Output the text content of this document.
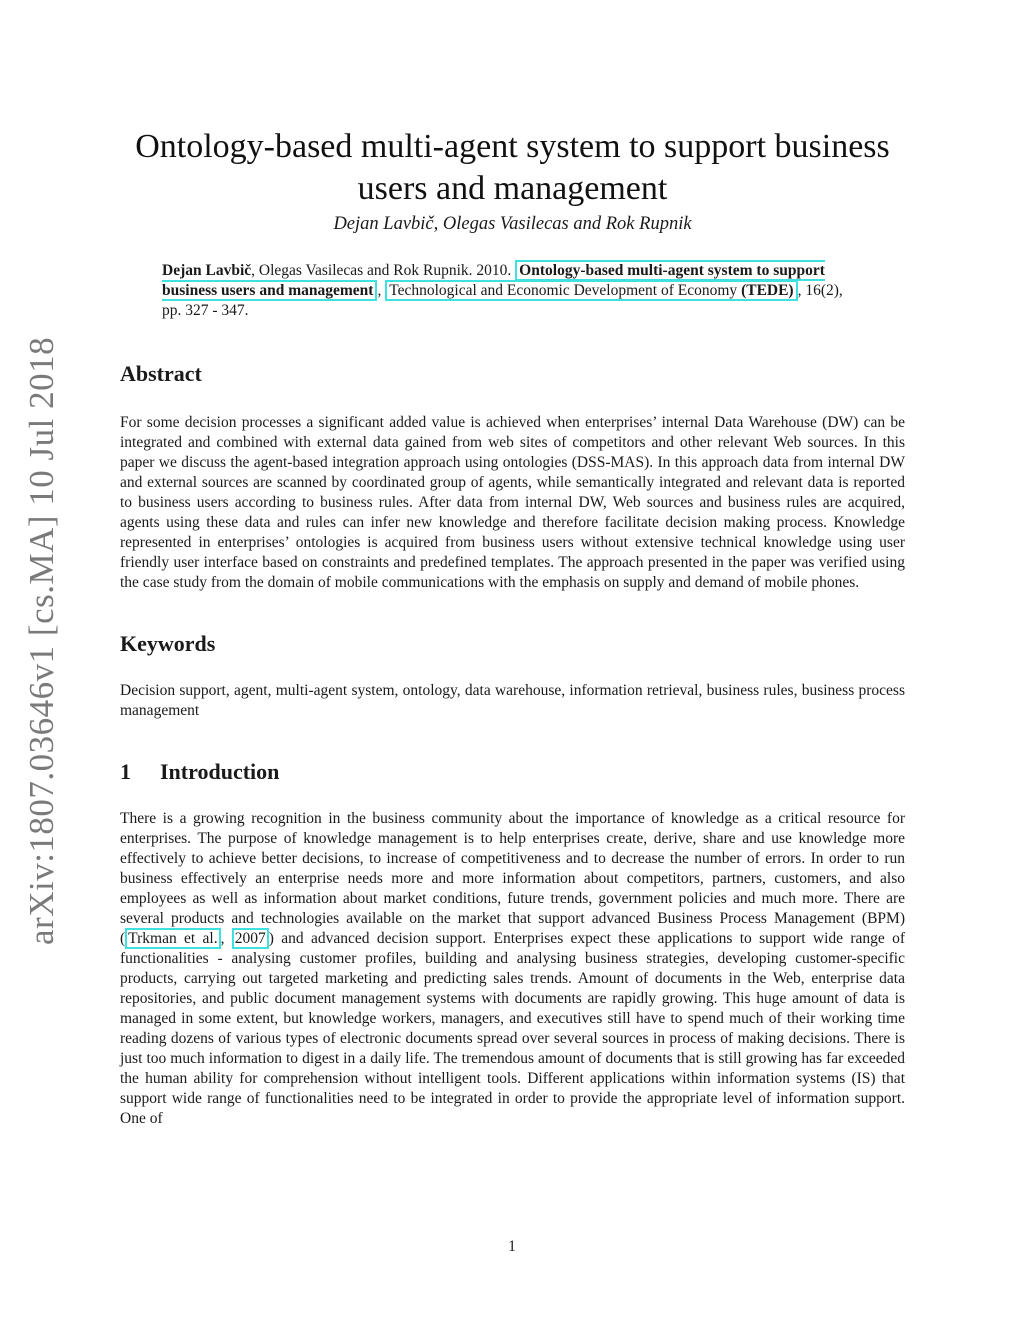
arXiv:1807.03646v1 [cs.MA] 10 Jul 2018
Ontology-based multi-agent system to support business
users and management
Dejan Lavbič, Olegas Vasilecas and Rok Rupnik
Dejan Lavbič, Olegas Vasilecas and Rok Rupnik. 2010. Ontology-based multi-agent system to support business users and management , Technological and Economic Development of Economy (TEDE) , 16(2), pp. 327 - 347.
Abstract

For some decision processes a significant added value is achieved when enterprises’ internal Data Warehouse (DW) can be integrated and combined with external data gained from web sites of competitors and other relevant Web sources. In this paper we discuss the agent-based integration approach using ontologies (DSS-MAS). In this approach data from internal DW and external sources are scanned by coordinated group of agents, while semantically integrated and relevant data is reported to business users according to business rules. After data from internal DW, Web sources and business rules are acquired, agents using these data and rules can infer new knowledge and therefore facilitate decision making process. Knowledge represented in enterprises’ ontologies is acquired from business users without extensive technical knowledge using user friendly user interface based on constraints and predefined templates. The approach presented in the paper was verified using the case study from the domain of mobile communications with the emphasis on supply and demand of mobile phones.

Keywords

Decision support, agent, multi-agent system, ontology, data warehouse, information retrieval, business rules, business process management

1 Introduction

There is a growing recognition in the business community about the importance of knowledge as a critical resource for enterprises. The purpose of knowledge management is to help enterprises create, derive, share and use knowledge more effectively to achieve better decisions, to increase of competitiveness and to decrease the number of errors. In order to run business effectively an enterprise needs more and more information about competitors, partners, customers, and also employees as well as information about market conditions, future trends, government policies and much more. There are several products and technologies available on the market that support advanced Business Process Management (BPM) ( Trkman et al. , 2007 ) and advanced decision support. Enterprises expect these applications to support wide range of functionalities - analysing customer profiles, building and analysing business strategies, developing customer-specific products, carrying out targeted marketing and predicting sales trends. Amount of documents in the Web, enterprise data repositories, and public document management systems with documents are rapidly growing. This huge amount of data is managed in some extent, but knowledge workers, managers, and executives still have to spend much of their working time reading dozens of various types of electronic documents spread over several sources in process of making decisions. There is just too much information to digest in a daily life. The tremendous amount of documents that is still growing has far exceeded the human ability for comprehension without intelligent tools. Different applications within information systems (IS) that support wide range of functionalities need to be integrated in order to provide the appropriate level of information support. One of

1
